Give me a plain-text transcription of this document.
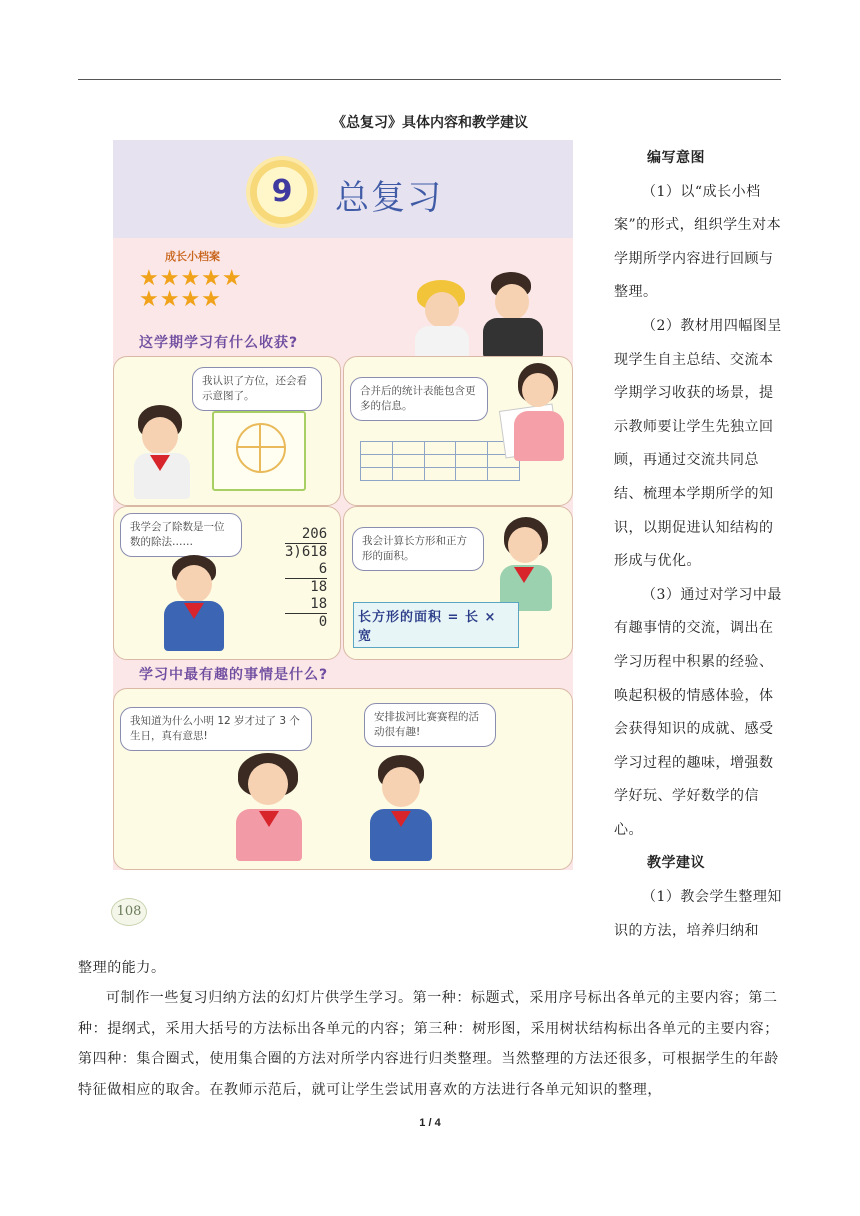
《总复习》具体内容和教学建议
9	总复习
成长小档案
★★★★★ ★★★★
这学期学习有什么收获?
我认识了方位，还会看示意图了。	合并后的统计表能包含更多的信息。

我学会了除数是一位数的除法……	206
3)618
6
18
18
0
我会计算长方形和正方形的面积。
长方形的面积 = 长 × 宽
学习中最有趣的事情是什么?
我知道为什么小明 12 岁才过了 3 个生日，真有意思!
安排拔河比赛赛程的活动很有趣!
108

编写意图

（1）以“成长小档案”的形式，组织学生对本学期所学内容进行回顾与整理。

（2）教材用四幅图呈现学生自主总结、交流本学期学习收获的场景，提示教师要让学生先独立回顾，再通过交流共同总结、梳理本学期所学的知识，以期促进认知结构的形成与优化。

（3）通过对学习中最有趣事情的交流，调出在学习历程中积累的经验、唤起积极的情感体验，体会获得知识的成就、感受学习过程的趣味，增强数学好玩、学好数学的信心。

教学建议

（1）教会学生整理知识的方法，培养归纳和

整理的能力。
可制作一些复习归纳方法的幻灯片供学生学习。第一种：标题式，采用序号标出各单元的主要内容；第二种：提纲式，采用大括号的方法标出各单元的内容；第三种：树形图，采用树状结构标出各单元的主要内容；第四种：集合圈式，使用集合圈的方法对所学内容进行归类整理。当然整理的方法还很多，可根据学生的年龄特征做相应的取舍。在教师示范后，就可让学生尝试用喜欢的方法进行各单元知识的整理，
1 / 4
